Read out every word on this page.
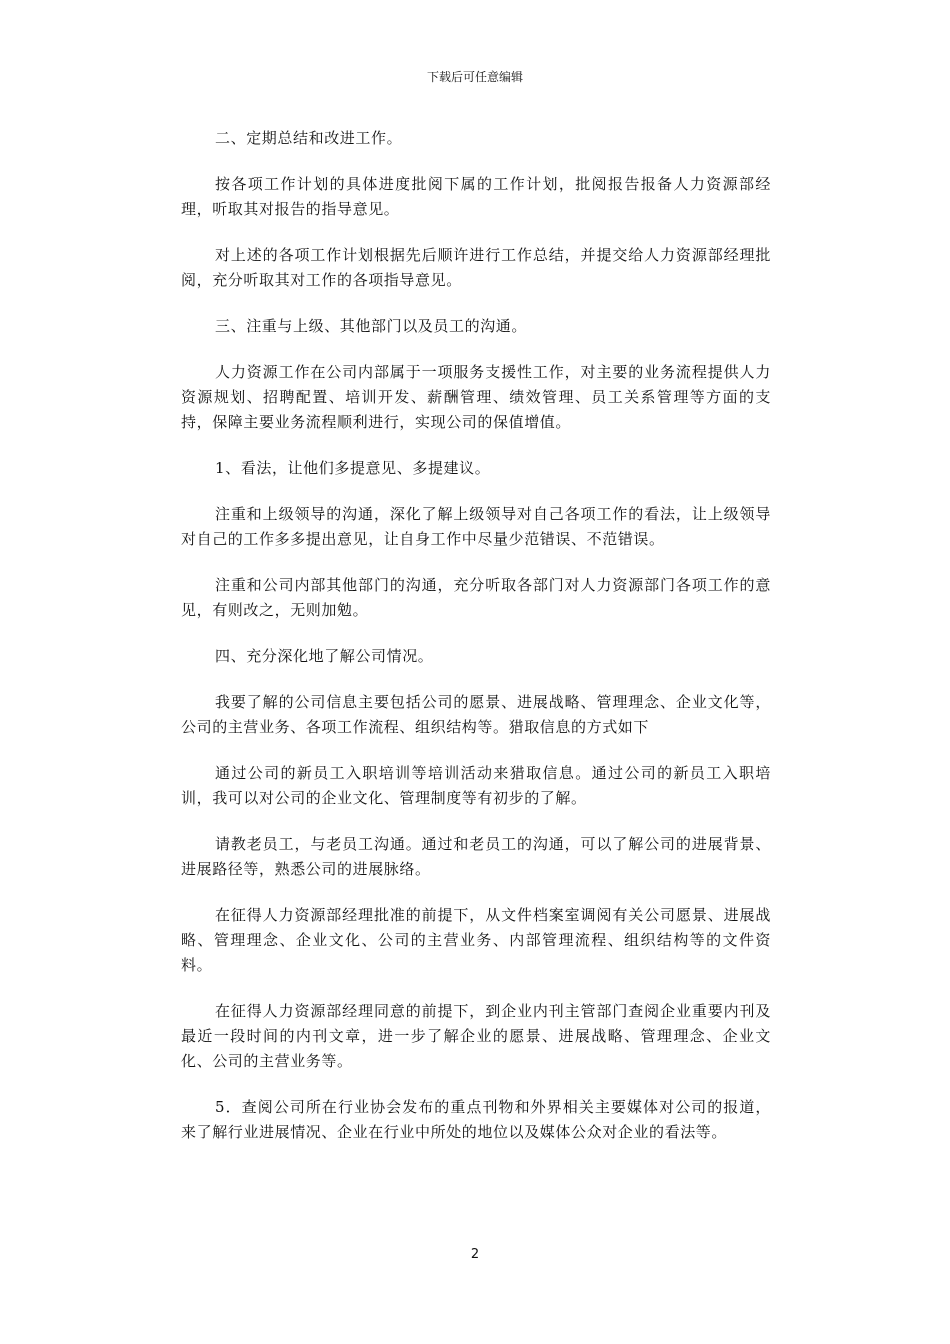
下载后可任意编辑

二、定期总结和改进工作。

按各项工作计划的具体进度批阅下属的工作计划，批阅报告报备人力资源部经理，听取其对报告的指导意见。

对上述的各项工作计划根据先后顺许进行工作总结，并提交给人力资源部经理批阅，充分听取其对工作的各项指导意见。

三、注重与上级、其他部门以及员工的沟通。

人力资源工作在公司内部属于一项服务支援性工作，对主要的业务流程提供人力资源规划、招聘配置、培训开发、薪酬管理、绩效管理、员工关系管理等方面的支持，保障主要业务流程顺利进行，实现公司的保值增值。

1、看法，让他们多提意见、多提建议。

注重和上级领导的沟通，深化了解上级领导对自己各项工作的看法，让上级领导对自己的工作多多提出意见，让自身工作中尽量少范错误、不范错误。

注重和公司内部其他部门的沟通，充分听取各部门对人力资源部门各项工作的意见，有则改之，无则加勉。

四、充分深化地了解公司情况。

我要了解的公司信息主要包括公司的愿景、进展战略、管理理念、企业文化等，公司的主营业务、各项工作流程、组织结构等。猎取信息的方式如下

通过公司的新员工入职培训等培训活动来猎取信息。通过公司的新员工入职培训，我可以对公司的企业文化、管理制度等有初步的了解。

请教老员工，与老员工沟通。通过和老员工的沟通，可以了解公司的进展背景、进展路径等，熟悉公司的进展脉络。

在征得人力资源部经理批准的前提下，从文件档案室调阅有关公司愿景、进展战略、管理理念、企业文化、公司的主营业务、内部管理流程、组织结构等的文件资料。

在征得人力资源部经理同意的前提下，到企业内刊主管部门查阅企业重要内刊及最近一段时间的内刊文章，进一步了解企业的愿景、进展战略、管理理念、企业文化、公司的主营业务等。

5．查阅公司所在行业协会发布的重点刊物和外界相关主要媒体对公司的报道，来了解行业进展情况、企业在行业中所处的地位以及媒体公众对企业的看法等。

2
